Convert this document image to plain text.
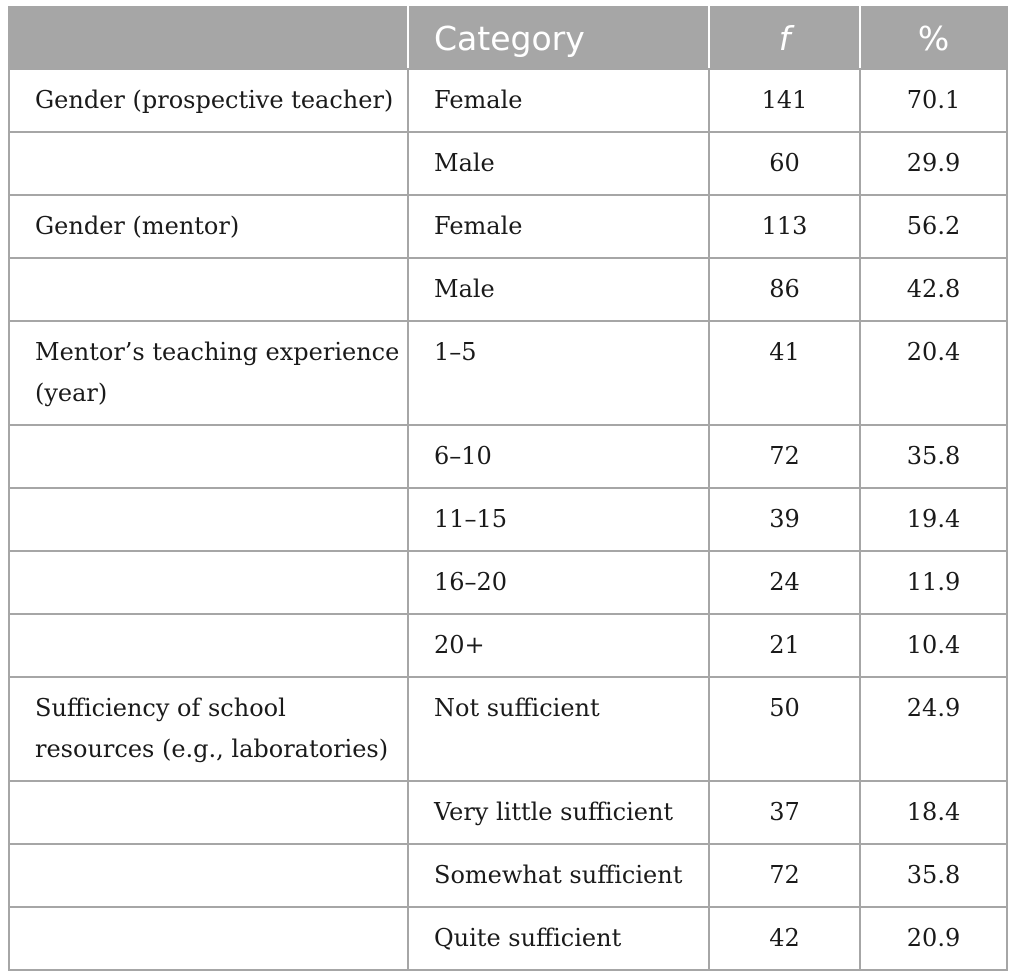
	Category	f	%
Gender (prospective teacher)	Female	141	70.1
	Male	60	29.9
Gender (mentor)	Female	113	56.2
	Male	86	42.8
Mentor’s teaching experience (year)	1–5	41	20.4
	6–10	72	35.8
	11–15	39	19.4
	16–20	24	11.9
	20+	21	10.4
Sufficiency of school resources (e.g., laboratories)	Not sufficient	50	24.9
	Very little sufficient	37	18.4
	Somewhat sufficient	72	35.8
	Quite sufficient	42	20.9
